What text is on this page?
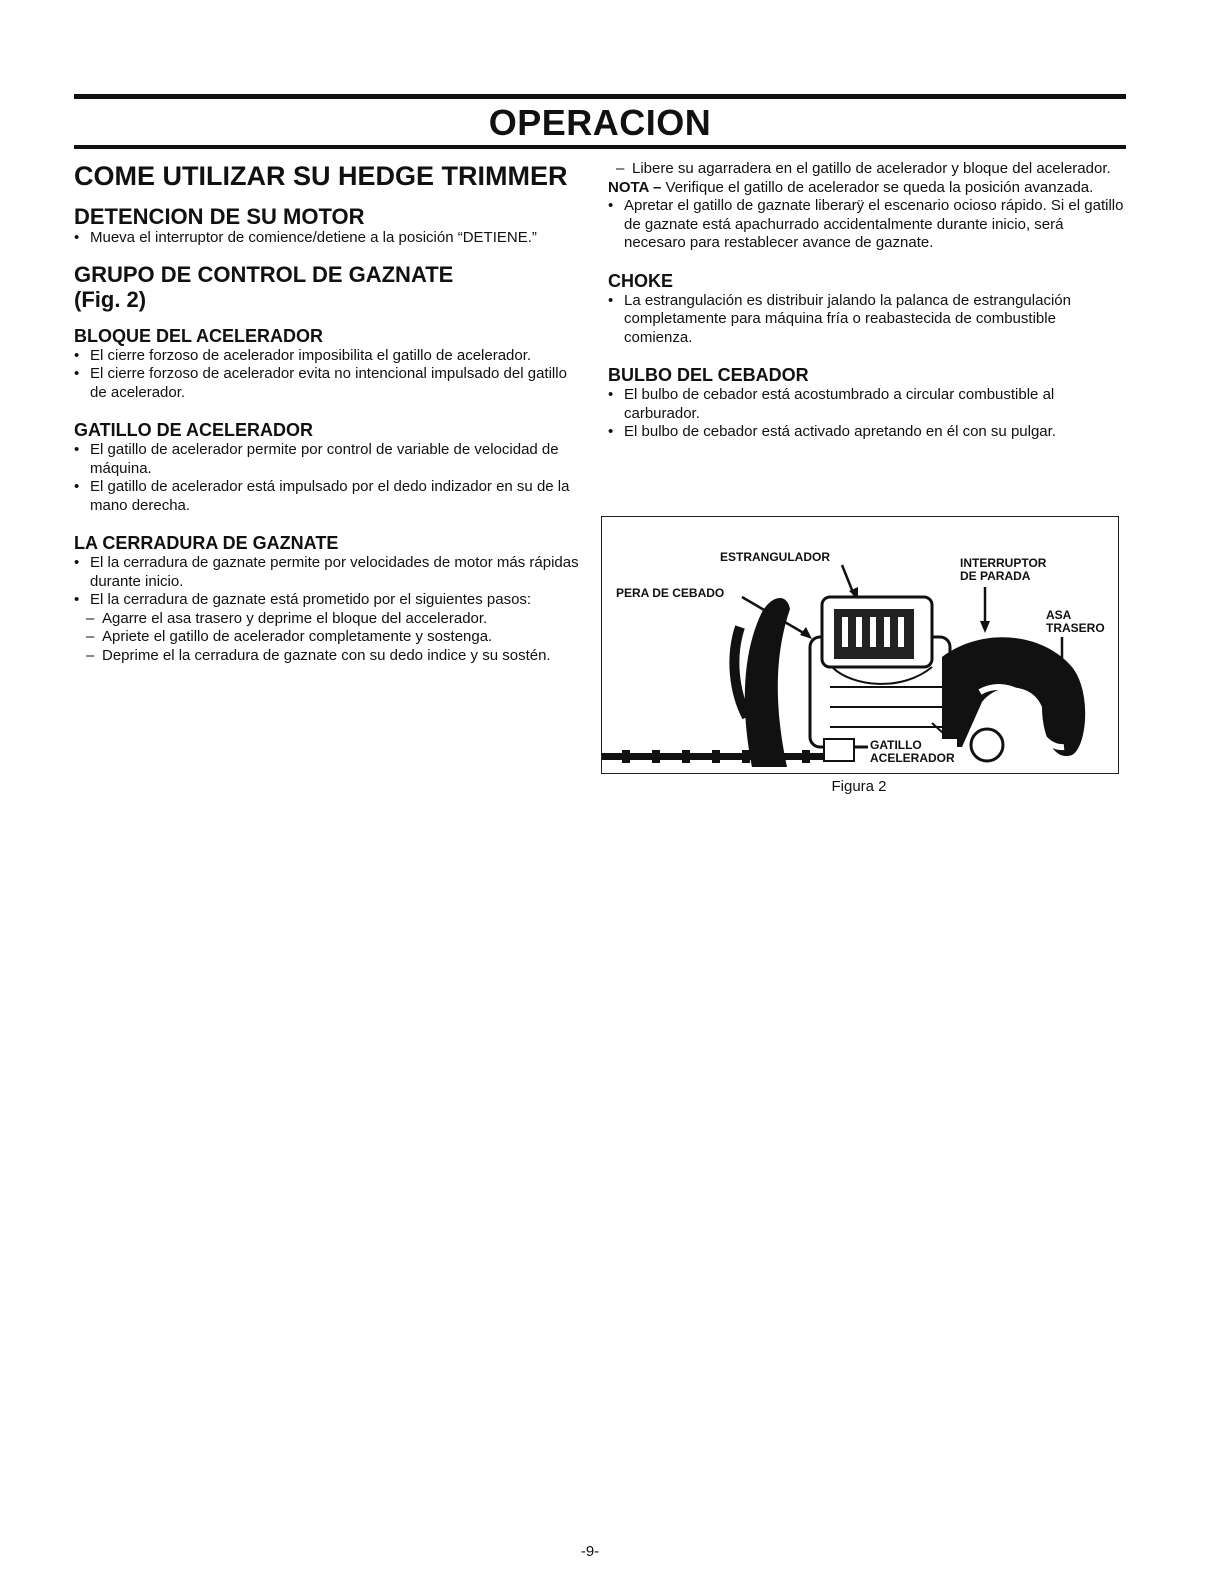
OPERACION
COME UTILIZAR SU HEDGE TRIMMER
DETENCION DE SU MOTOR
• Mueva el interruptor de comience/detiene a la posición “DETIENE.”
GRUPO DE CONTROL DE GAZNATE
(Fig. 2)
BLOQUE DEL ACELERADOR
• El cierre forzoso de acelerador imposibilita el gatillo de acelerador.
• El cierre forzoso de acelerador evita no intencional impulsado del gatillo de acelerador.
GATILLO DE ACELERADOR
• El gatillo de acelerador permite por control de variable de velocidad de máquina.
• El gatillo de acelerador está impulsado por el dedo indizador en su de la mano derecha.
LA CERRADURA DE GAZNATE
• El la cerradura de gaznate permite por velocidades de motor más rápidas durante inicio.
• El la cerradura de gaznate está prometido por el siguientes pasos:
– Agarre el asa trasero y deprime el bloque del accelerador.
– Apriete el gatillo de acelerador completamente y sostenga.
– Deprime el la cerradura de gaznate con su dedo indice y su sostén.
– Libere su agarradera en el gatillo de acelerador y bloque del acelerador.
NOTA – Verifique el gatillo de acelerador se queda la posición avanzada.
• Apretar el gatillo de gaznate liberarÿ el escenario ocioso rápido. Si el gatillo de gaznate está apachurrado accidentalmente durante inicio, será necesaro para restablecer avance de gaznate.
CHOKE
• La estrangulación es distribuir jalando la palanca de estrangulación completamente para máquina fría o reabastecida de combustible comienza.
BULBO DEL CEBADOR
• El bulbo de cebador está acostumbrado a circular combustible al carburador.
• El bulbo de cebador está activado apretando en él con su pulgar.
ESTRANGULADOR	INTERRUPTOR
DE PARADA
PERA DE CEBADO
ASA
TRASERO
GATILLO
ACELERADOR
Figura 2
-9-
